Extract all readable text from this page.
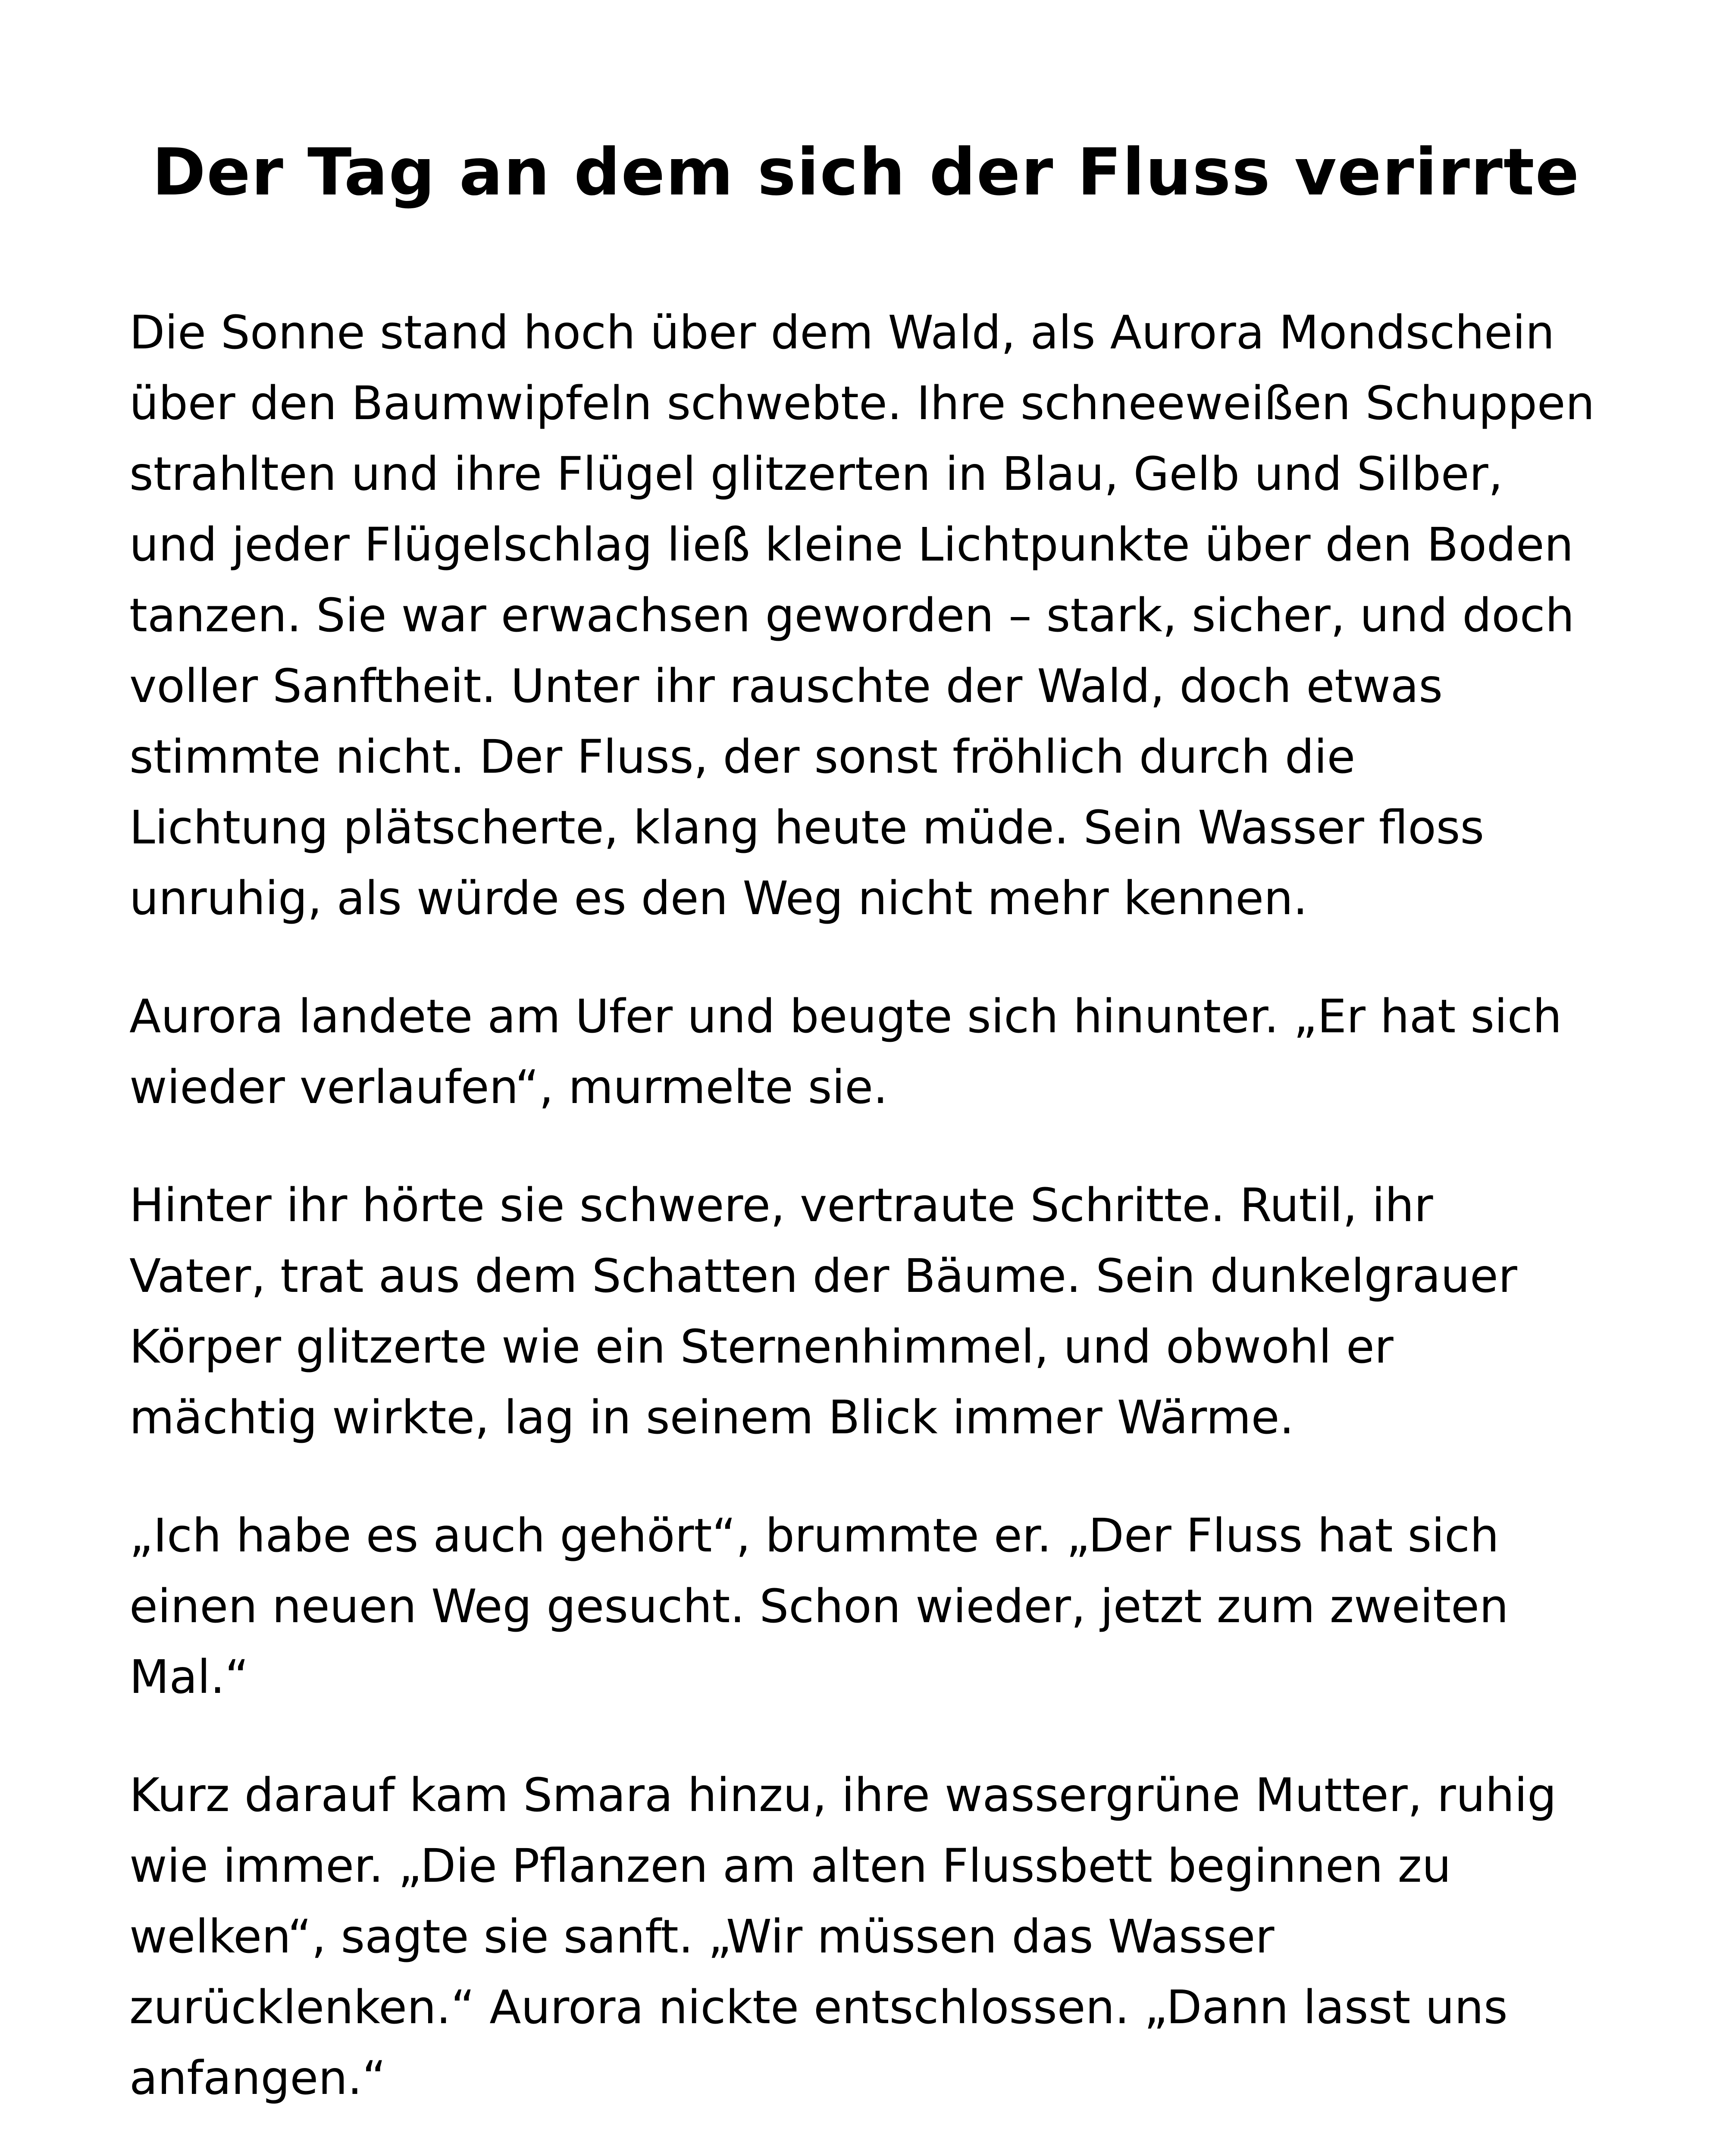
Der Tag an dem sich der Fluss verirrte

Die Sonne stand hoch über dem Wald, als Aurora Mondschein
über den Baumwipfeln schwebte. Ihre schneeweißen Schuppen
strahlten und ihre Flügel glitzerten in Blau, Gelb und Silber,
und jeder Flügelschlag ließ kleine Lichtpunkte über den Boden
tanzen. Sie war erwachsen geworden – stark, sicher, und doch
voller Sanftheit. Unter ihr rauschte der Wald, doch etwas
stimmte nicht. Der Fluss, der sonst fröhlich durch die
Lichtung plätscherte, klang heute müde. Sein Wasser floss
unruhig, als würde es den Weg nicht mehr kennen.

Aurora landete am Ufer und beugte sich hinunter. „Er hat sich
wieder verlaufen“, murmelte sie.

Hinter ihr hörte sie schwere, vertraute Schritte. Rutil, ihr
Vater, trat aus dem Schatten der Bäume. Sein dunkelgrauer
Körper glitzerte wie ein Sternenhimmel, und obwohl er
mächtig wirkte, lag in seinem Blick immer Wärme.

„Ich habe es auch gehört“, brummte er. „Der Fluss hat sich
einen neuen Weg gesucht. Schon wieder, jetzt zum zweiten
Mal.“

Kurz darauf kam Smara hinzu, ihre wassergrüne Mutter, ruhig
wie immer. „Die Pflanzen am alten Flussbett beginnen zu
welken“, sagte sie sanft. „Wir müssen das Wasser
zurücklenken.“ Aurora nickte entschlossen. „Dann lasst uns
anfangen.“
